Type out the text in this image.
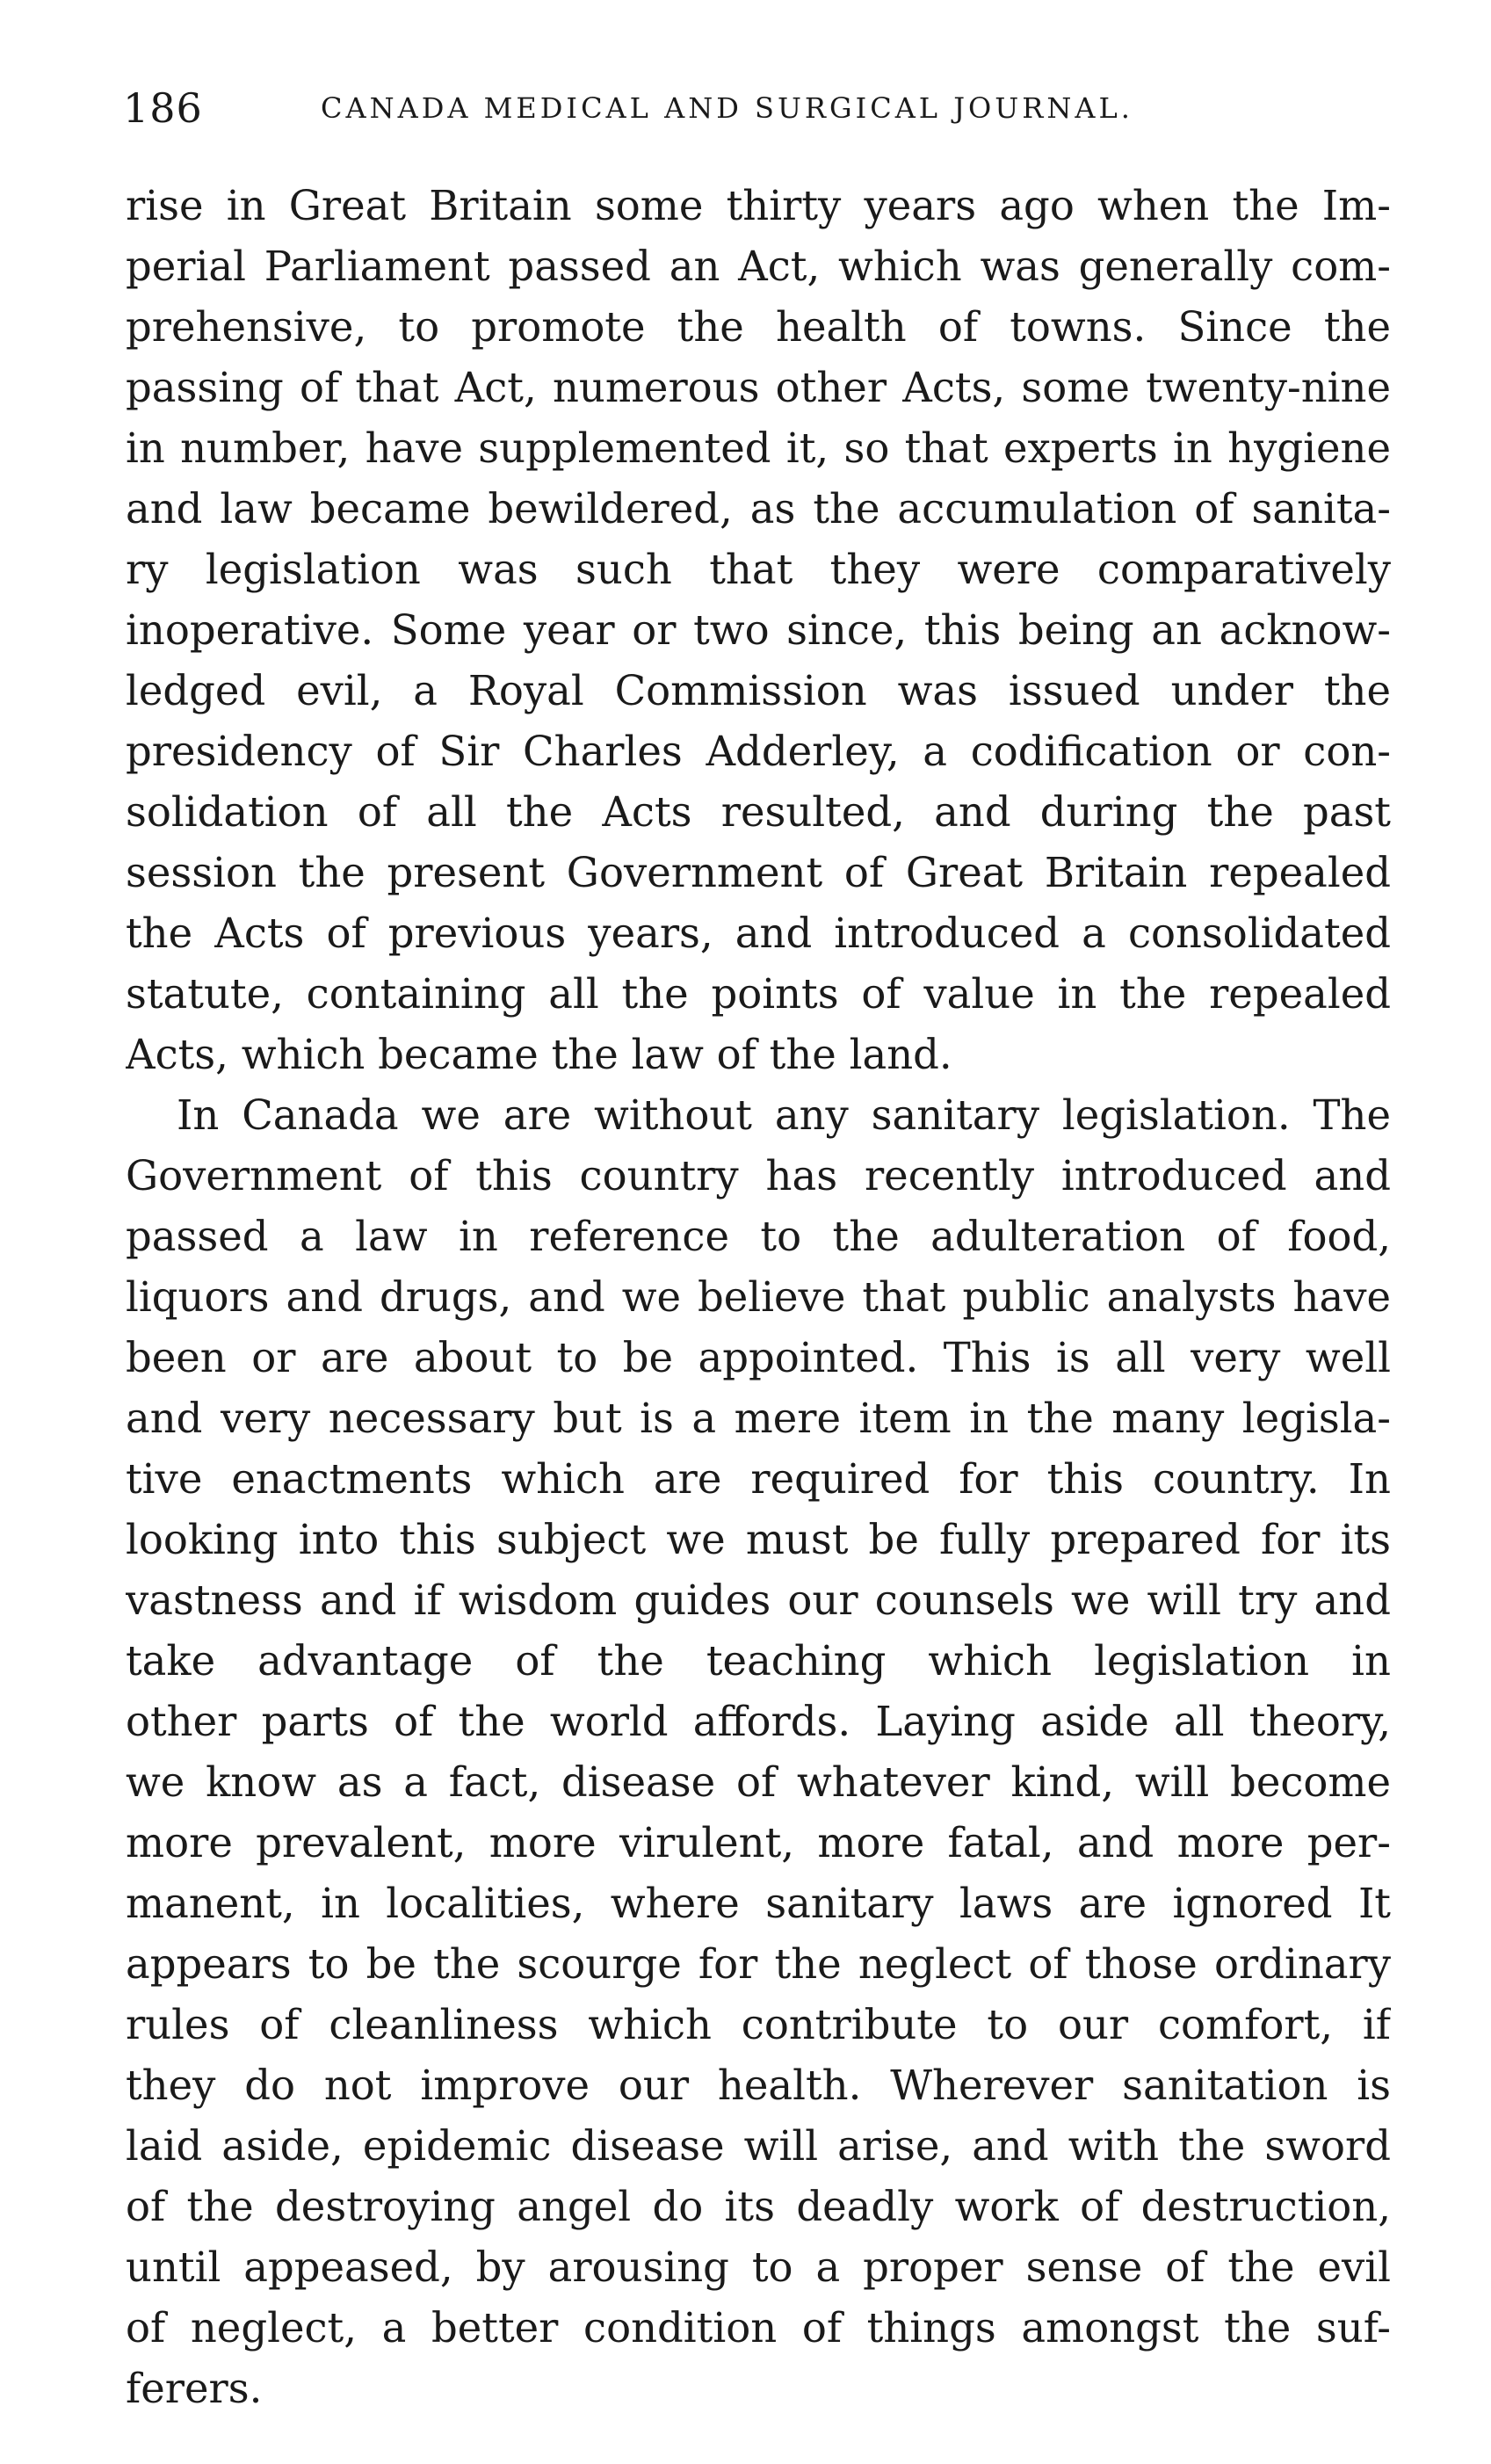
186	CANADA MEDICAL AND SURGICAL JOURNAL.
rise in Great Britain some thirty years ago when the Im-
perial Parliament passed an Act, which was generally com-
prehensive, to promote the health of towns. Since the
passing of that Act, numerous other Acts, some twenty-nine
in number, have supplemented it, so that experts in hygiene
and law became bewildered, as the accumulation of sanita-
ry legislation was such that they were comparatively
inoperative. Some year or two since, this being an acknow-
ledged evil, a Royal Commission was issued under the
presidency of Sir Charles Adderley, a codification or con-
solidation of all the Acts resulted, and during the past
session the present Government of Great Britain repealed
the Acts of previous years, and introduced a consolidated
statute, containing all the points of value in the repealed
Acts, which became the law of the land.
In Canada we are without any sanitary legislation. The
Government of this country has recently introduced and
passed a law in reference to the adulteration of food,
liquors and drugs, and we believe that public analysts have
been or are about to be appointed. This is all very well
and very necessary but is a mere item in the many legisla-
tive enactments which are required for this country. In
looking into this subject we must be fully prepared for its
vastness and if wisdom guides our counsels we will try and
take advantage of the teaching which legislation in
other parts of the world affords. Laying aside all theory,
we know as a fact, disease of whatever kind, will become
more prevalent, more virulent, more fatal, and more per-
manent, in localities, where sanitary laws are ignored It
appears to be the scourge for the neglect of those ordinary
rules of cleanliness which contribute to our comfort, if
they do not improve our health. Wherever sanitation is
laid aside, epidemic disease will arise, and with the sword
of the destroying angel do its deadly work of destruction,
until appeased, by arousing to a proper sense of the evil
of neglect, a better condition of things amongst the suf-
ferers.
